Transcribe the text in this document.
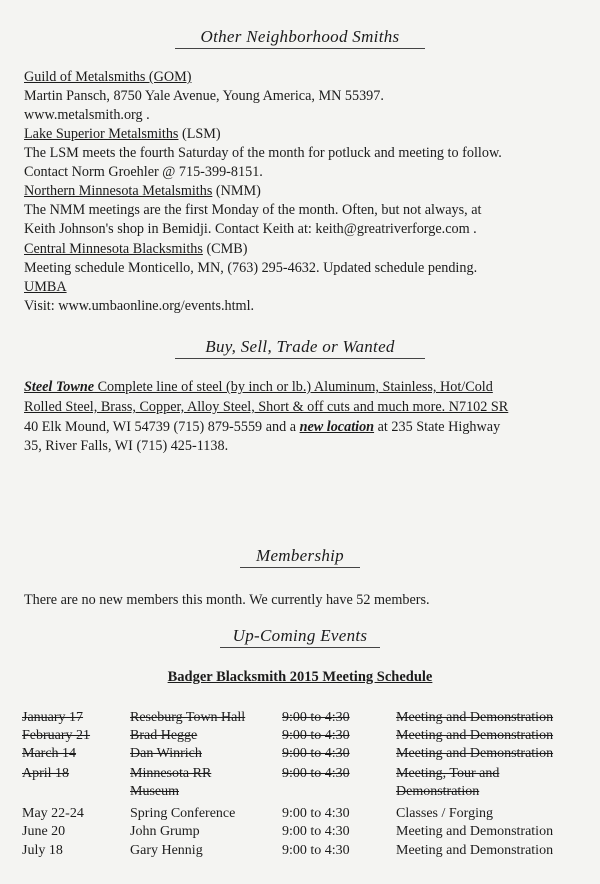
Other Neighborhood Smiths
Guild of Metalsmiths (GOM)
Martin Pansch, 8750 Yale Avenue, Young America, MN 55397.
www.metalsmith.org .
Lake Superior Metalsmiths (LSM)
The LSM meets the fourth Saturday of the month for potluck and meeting to follow.
Contact Norm Groehler @ 715-399-8151.
Northern Minnesota Metalsmiths (NMM)
The NMM meetings are the first Monday of the month. Often, but not always, at
Keith Johnson's shop in Bemidji. Contact Keith at: keith@greatriverforge.com .
Central Minnesota Blacksmiths (CMB)
Meeting schedule Monticello, MN, (763) 295-4632. Updated schedule pending.
UMBA
Visit: www.umbaonline.org/events.html.
Buy, Sell, Trade or Wanted
Steel Towne Complete line of steel (by inch or lb.) Aluminum, Stainless, Hot/Cold
Rolled Steel, Brass, Copper, Alloy Steel, Short & off cuts and much more. N7102 SR
40 Elk Mound, WI 54739 (715) 879-5559 and a new location at 235 State Highway
35, River Falls, WI (715) 425-1138.
Membership
There are no new members this month. We currently have 52 members.
Up-Coming Events
Badger Blacksmith 2015 Meeting Schedule
January 17	Reseburg Town Hall	9:00 to 4:30	Meeting and Demonstration
February 21	Brad Hegge	9:00 to 4:30	Meeting and Demonstration
March 14	Dan Winrich	9:00 to 4:30	Meeting and Demonstration
April 18	Minnesota RR	9:00 to 4:30	Meeting, Tour and
Museum	Demonstration
May 22-24	Spring Conference	9:00 to 4:30	Classes / Forging
June 20	John Grump	9:00 to 4:30	Meeting and Demonstration
July 18	Gary Hennig	9:00 to 4:30	Meeting and Demonstration
